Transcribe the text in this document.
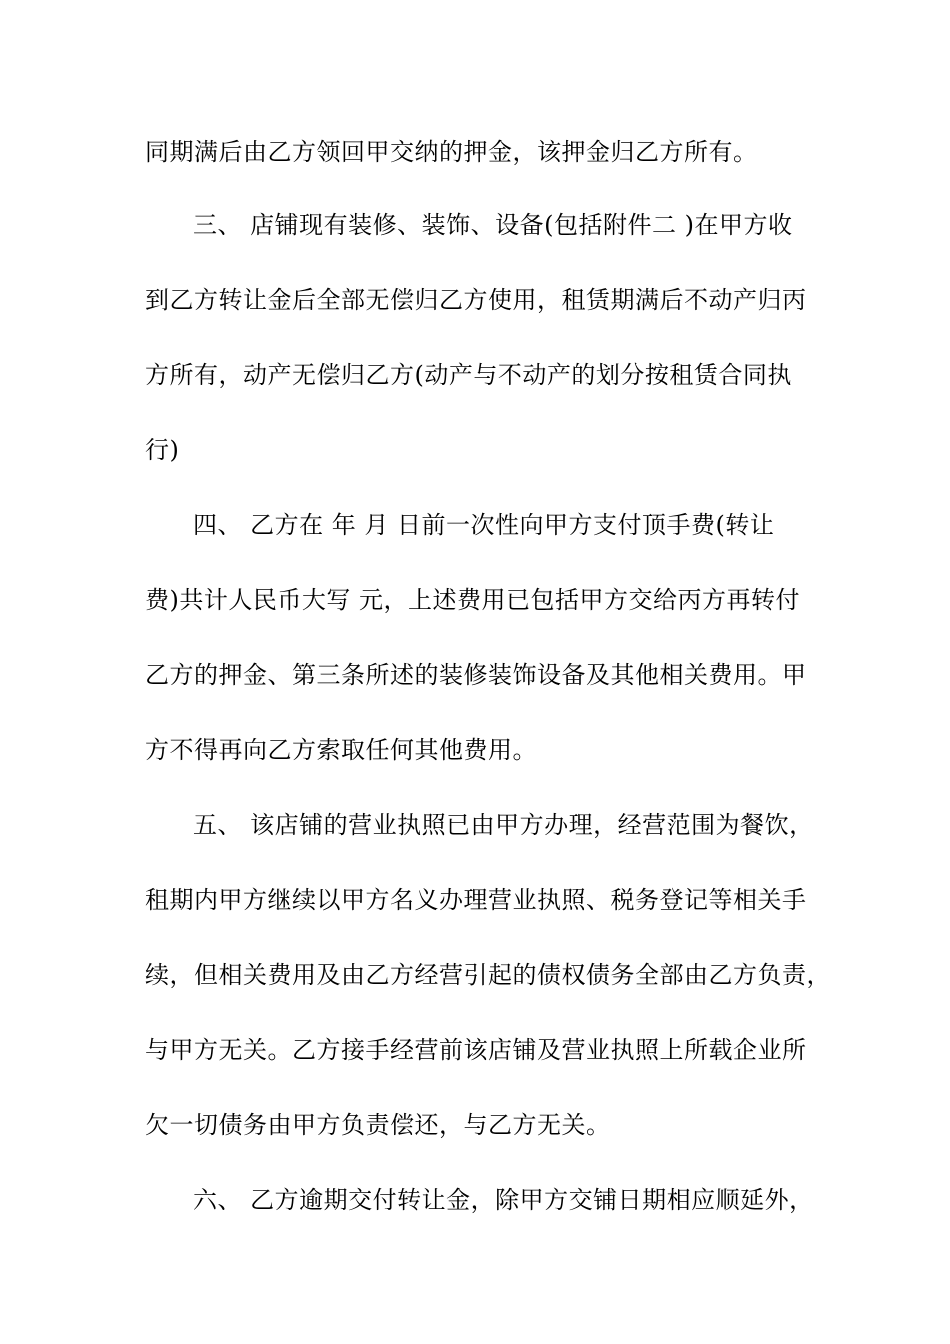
同期满后由乙方领回甲交纳的押金，该押金归乙方所有。
三、 店铺现有装修、装饰、设备(包括附件二 )在甲方收
到乙方转让金后全部无偿归乙方使用，租赁期满后不动产归丙
方所有，动产无偿归乙方(动产与不动产的划分按租赁合同执
行)
四、 乙方在 年 月 日前一次性向甲方支付顶手费(转让
费)共计人民币大写 元，上述费用已包括甲方交给丙方再转付
乙方的押金、第三条所述的装修装饰设备及其他相关费用。甲
方不得再向乙方索取任何其他费用。
五、 该店铺的营业执照已由甲方办理，经营范围为餐饮，
租期内甲方继续以甲方名义办理营业执照、税务登记等相关手
续，但相关费用及由乙方经营引起的债权债务全部由乙方负责，
与甲方无关。乙方接手经营前该店铺及营业执照上所载企业所
欠一切债务由甲方负责偿还，与乙方无关。
六、 乙方逾期交付转让金，除甲方交铺日期相应顺延外，
